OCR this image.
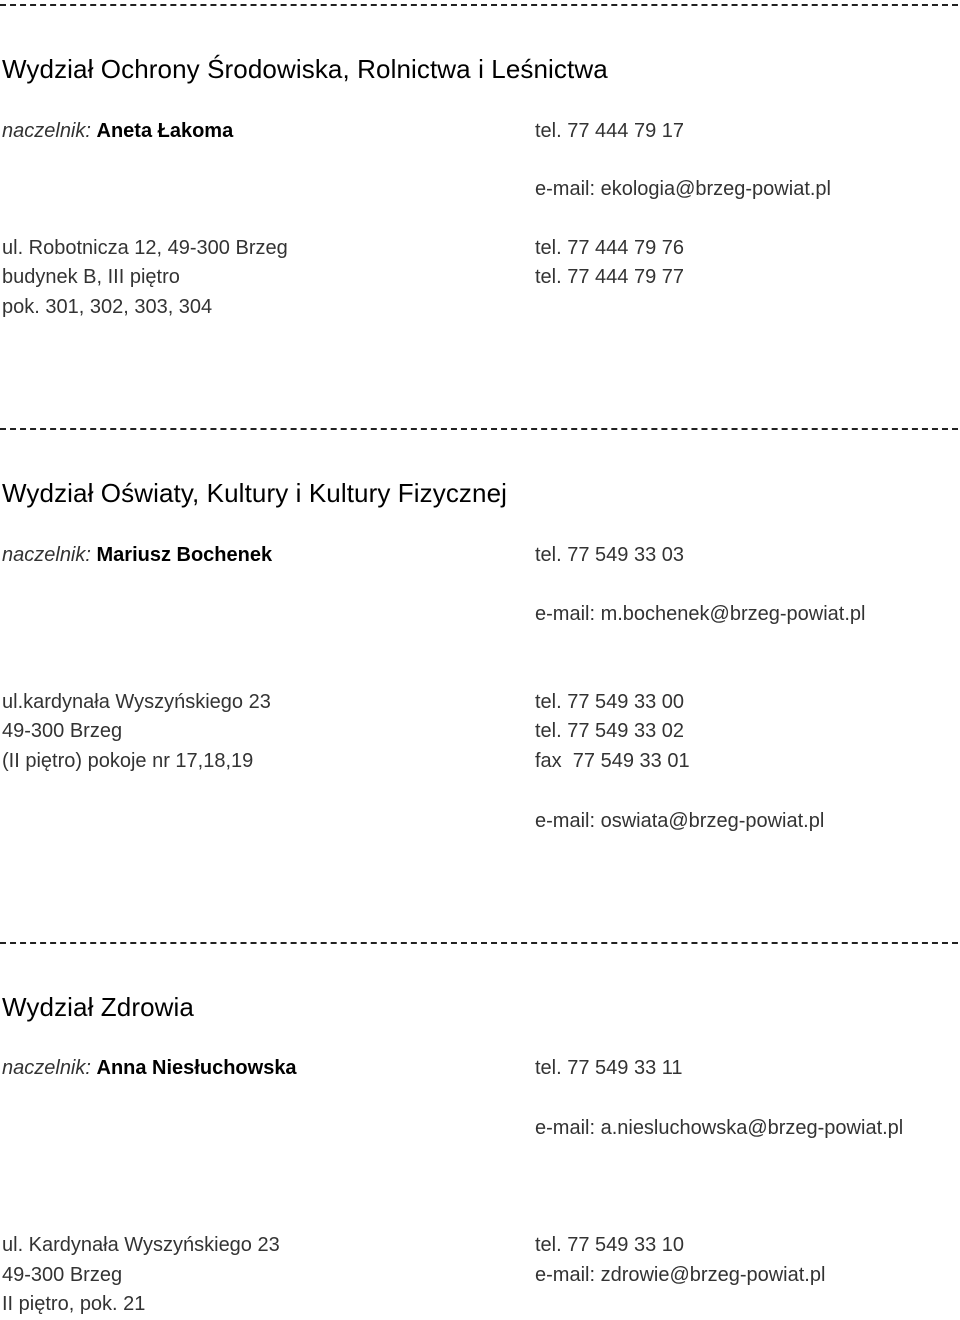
Wydział Ochrony Środowiska, Rolnictwa i Leśnictwa
naczelnik: Aneta Łakoma	tel. 77 444 79 17
e-mail: ekologia@brzeg-powiat.pl
ul. Robotnicza 12, 49-300 Brzeg	tel. 77 444 79 76
budynek B, III piętro	tel. 77 444 79 77
pok. 301, 302, 303, 304
Wydział Oświaty, Kultury i Kultury Fizycznej
naczelnik: Mariusz Bochenek	tel. 77 549 33 03
e-mail: m.bochenek@brzeg-powiat.pl
ul.kardynała Wyszyńskiego 23	tel. 77 549 33 00
49-300 Brzeg	tel. 77 549 33 02
(II piętro) pokoje nr 17,18,19	fax  77 549 33 01
e-mail: oswiata@brzeg-powiat.pl
Wydział Zdrowia
naczelnik: Anna Niesłuchowska	tel. 77 549 33 11
e-mail: a.niesluchowska@brzeg-powiat.pl
ul. Kardynała Wyszyńskiego 23	tel. 77 549 33 10
49-300 Brzeg	e-mail: zdrowie@brzeg-powiat.pl
II piętro, pok. 21
